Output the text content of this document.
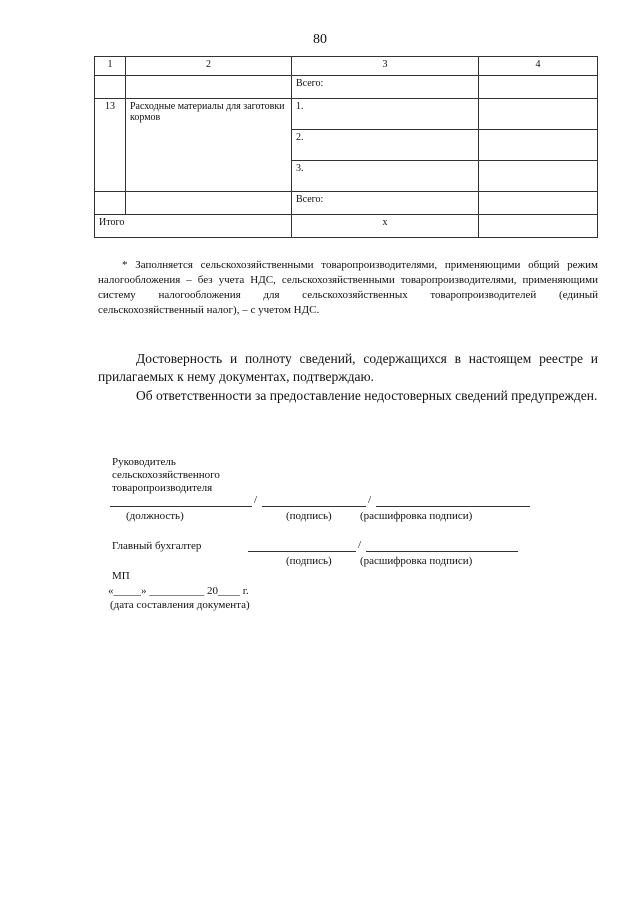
80
1	2	3	4
		Всего:	
13	Расходные материалы для заготовки кормов	1.	
		2.	
		3.	
		Всего:	
Итого		х	

* Заполняется сельскохозяйственными товаропроизводителями, применяющими общий режим налогообложения – без учета НДС, сельскохозяйственными товаропроизводителями, применяющими систему налогообложения для сельскохозяйственных товаропроизводителей (единый сельскохозяйственный налог), – с учетом НДС.

Достоверность и полноту сведений, содержащихся в настоящем реестре и прилагаемых к нему документах, подтверждаю.

Об ответственности за предоставление недостоверных сведений предупрежден.

Руководитель
сельскохозяйственного
товаропроизводителя
/	/
(должность)	(подпись)	(расшифровка подписи)
Главный бухгалтер	/
(подпись)	(расшифровка подписи)
МП
«_____» __________ 20____ г.
(дата составления документа)
